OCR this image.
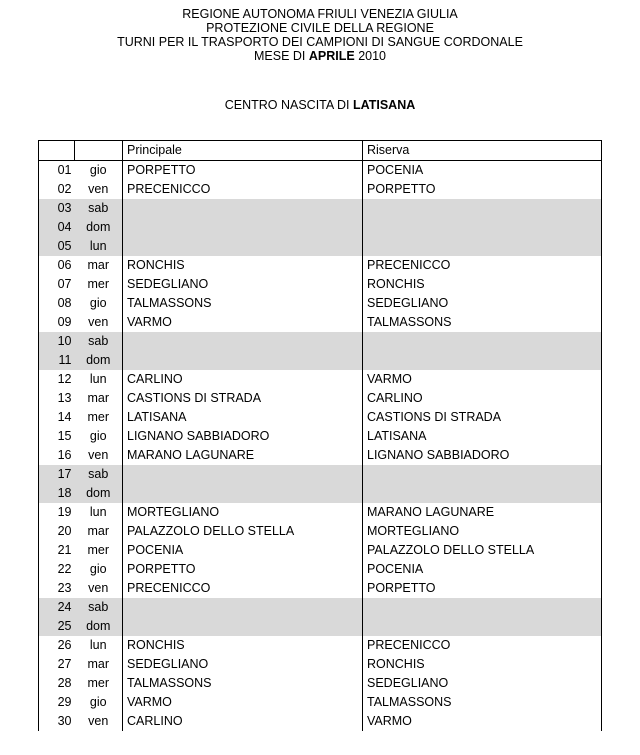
REGIONE AUTONOMA FRIULI VENEZIA GIULIA
PROTEZIONE CIVILE DELLA REGIONE
TURNI PER IL TRASPORTO DEI CAMPIONI DI SANGUE CORDONALE
MESE DI APRILE 2010
CENTRO NASCITA DI LATISANA
		Principale	Riserva
01	gio	PORPETTO	POCENIA
02	ven	PRECENICCO	PORPETTO
03	sab		
04	dom		
05	lun		
06	mar	RONCHIS	PRECENICCO
07	mer	SEDEGLIANO	RONCHIS
08	gio	TALMASSONS	SEDEGLIANO
09	ven	VARMO	TALMASSONS
10	sab		
11	dom		
12	lun	CARLINO	VARMO
13	mar	CASTIONS DI STRADA	CARLINO
14	mer	LATISANA	CASTIONS DI STRADA
15	gio	LIGNANO SABBIADORO	LATISANA
16	ven	MARANO LAGUNARE	LIGNANO SABBIADORO
17	sab		
18	dom		
19	lun	MORTEGLIANO	MARANO LAGUNARE
20	mar	PALAZZOLO DELLO STELLA	MORTEGLIANO
21	mer	POCENIA	PALAZZOLO DELLO STELLA
22	gio	PORPETTO	POCENIA
23	ven	PRECENICCO	PORPETTO
24	sab		
25	dom		
26	lun	RONCHIS	PRECENICCO
27	mar	SEDEGLIANO	RONCHIS
28	mer	TALMASSONS	SEDEGLIANO
29	gio	VARMO	TALMASSONS
30	ven	CARLINO	VARMO
